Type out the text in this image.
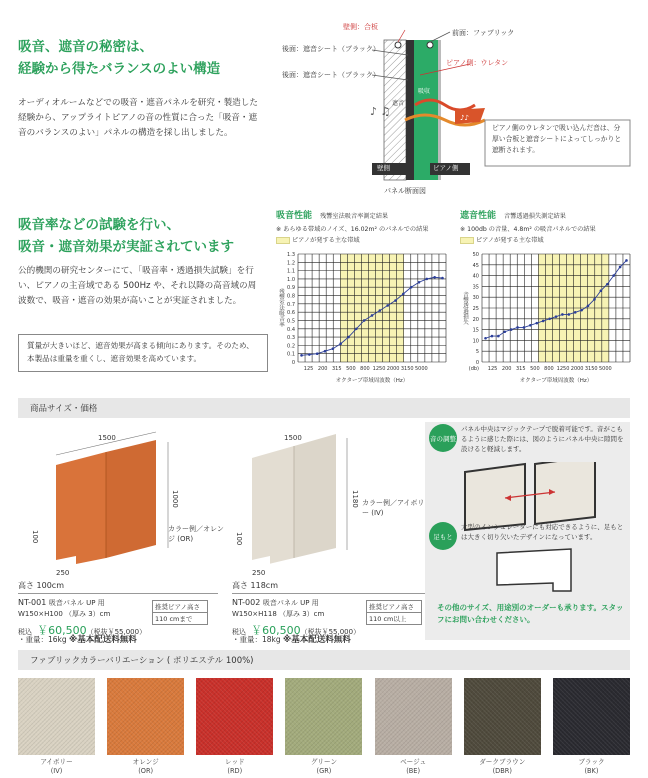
吸音、遮音の秘密は、
経験から得たバランスのよい構造
オーディオルームなどでの吸音・遮音パネルを研究・製造した経験から、アップライトピアノの音の性質に合った「吸音・遮音のバランスのよい」パネルの構造を採し出しました。
♪♪
♪ ♫
壁側：合板
前面：ファブリック
後面：遮音シート（ブラック）
後面：遮音シート（ブラック）
ピアノ側：ウレタン
吸収
遮音
壁側	ピアノ側
パネル断面図
ピアノ側のウレタンで吸い込んだ音は、分厚い合板と遮音シートによってしっかりと遮断されます。
吸音率などの試験を行い、
吸音・遮音効果が実証されています
公的機関の研究センターにて、「吸音率・透過損失試験」を行い、ピアノの主音域である 500Hz や、それ以降の高音域の周波数で、吸音・遮音の効果が高いことが実証されました。
質量が大きいほど、遮音効果が高まる傾向にあります。そのため、本製品は重量を重くし、遮音効果を高めています。
吸音性能 残響室法吸音率測定結果
※ あらゆる帯域のノイズ、16.02m² のパネルでの結果
ピアノが発する主な帯域
0
0.1
0.2
0.3
0.4
0.5
0.6
0.7
0.8
0.9
1.0
1.1
1.2
1.3
125 200 315 500 800 1250 2000 3150 5000
残響室法吸音率
オクターブ帯域周波数（Hz）
遮音性能 音響透過損失測定結果
※ 100db の音量、4.8m² の吸音パネルでの結果
ピアノが発する主な帯域
0
5
10
15
20
25
30
35
40
45
50
125 200 315 500 800 1250 2000 3150 5000
(db)
音響透過損失
オクターブ帯域周波数（Hz）
商品サイズ・価格
1500
1000
100
250
カラー例／オレンジ (OR)
高さ 100cm
NT-001 吸音パネル UP 用
W150×H100 （厚み 3）cm
税込 ￥60,500（税抜￥55,000）
・重量：16kg ※基本配送料無料
推奨ピアノ高さ
110 cmまで
1500
1180
100
250
カラー例／アイボリー (IV)
高さ 118cm
NT-002 吸音パネル UP 用
W150×H118 （厚み 3）cm
税込 ￥60,500（税抜￥55,000）
・重量：18kg ※基本配送料無料
推奨ピアノ高さ
110 cm以上
音の調整
パネル中央はマジックテープで脱着可能です。音がこもるように感じた際には、図のようにパネル中央に隙間を設けると軽減します。
足もと
大型のインシュレーターにも対応できるように、足もとは大きく切り欠いたデザインになっています。
その他のサイズ、用途別のオーダーも承ります。スタッフにお問い合わせください。
ファブリックカラーバリエーション ( ポリエステル 100%)
アイボリー
(IV)
オレンジ
(OR)
レッド
(RD)
グリーン
(GR)
ベージュ
(BE)
ダークブラウン
(DBR)
ブラック
(BK)
